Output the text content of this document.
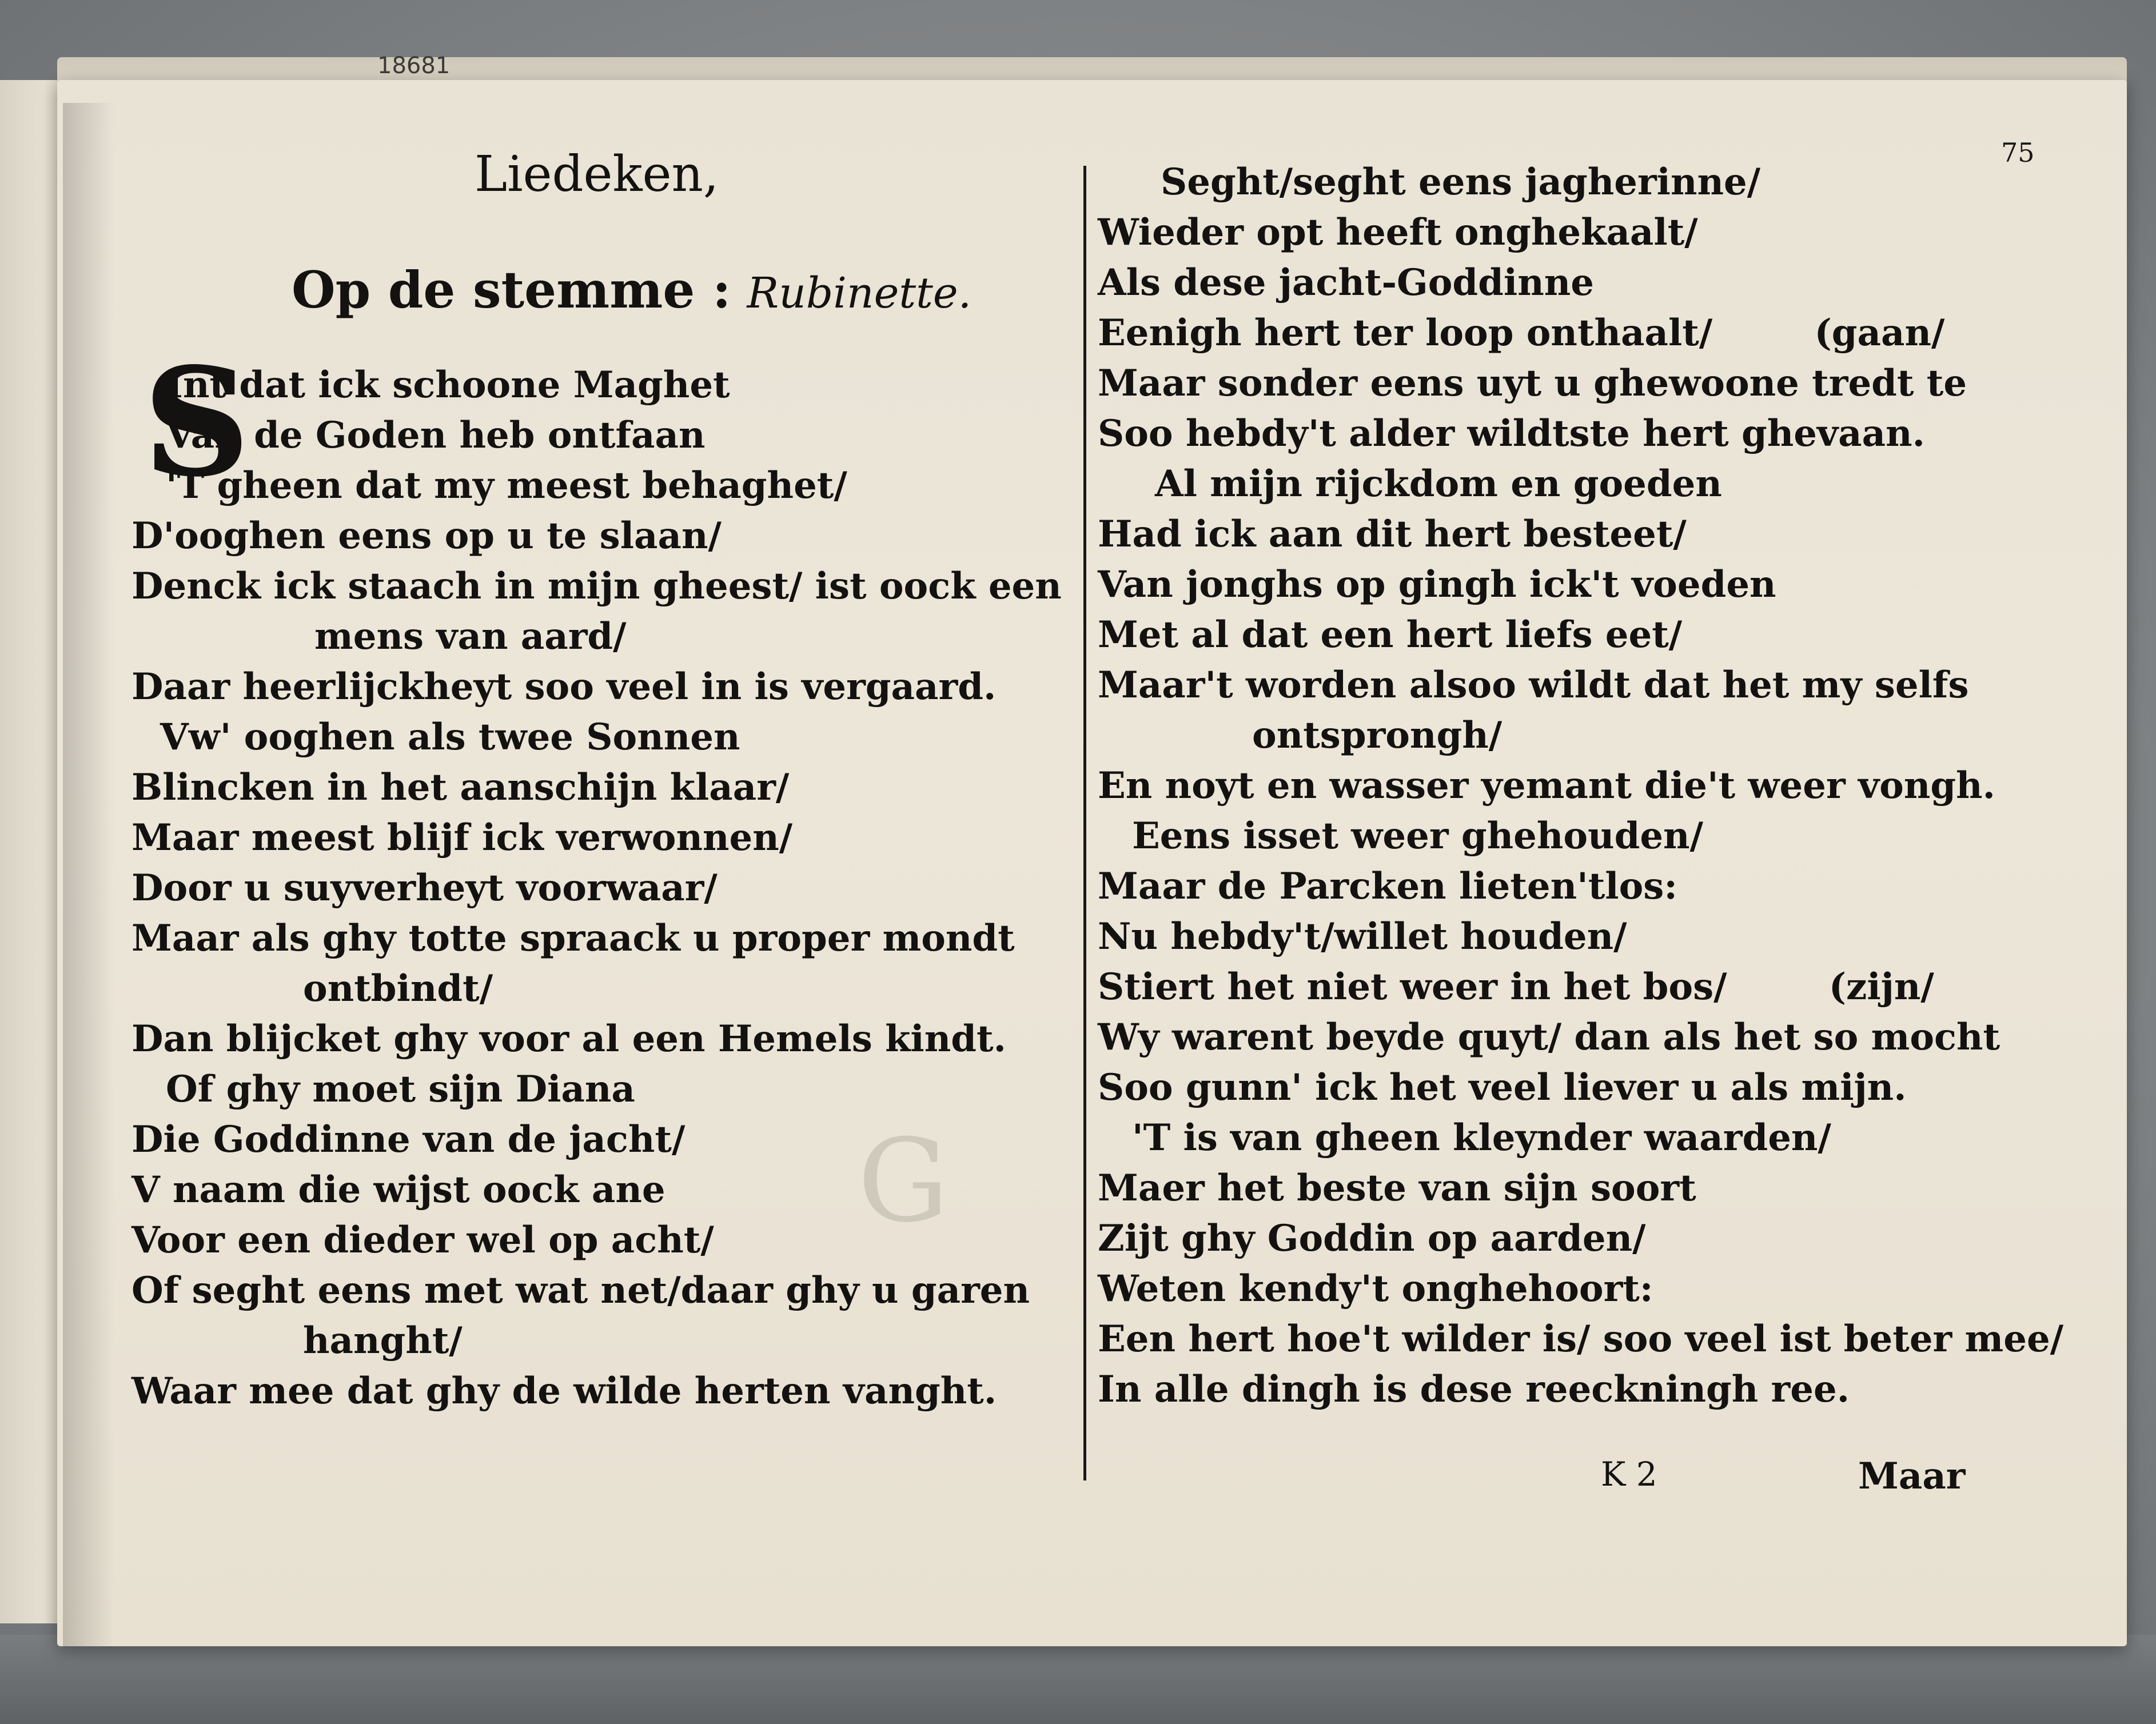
G
18681
75
Liedeken,
Op de stemme : Rubinette.
S
Int dat ick schoone Maghet
Van de Goden heb ontfaan
'T gheen dat my meest behaghet/
D'ooghen eens op u te slaan/
Denck ick staach in mijn gheest/ ist oock een
mens van aard/
Daar heerlijckheyt soo veel in is vergaard.
Vw' ooghen als twee Sonnen
Blincken in het aanschijn klaar/
Maar meest blijf ick verwonnen/
Door u suyverheyt voorwaar/
Maar als ghy totte spraack u proper mondt
ontbindt/
Dan blijcket ghy voor al een Hemels kindt.
Of ghy moet sijn Diana
Die Goddinne van de jacht/
V naam die wijst oock ane
Voor een dieder wel op acht/
Of seght eens met wat net/daar ghy u garen
hanght/
Waar mee dat ghy de wilde herten vanght.
Seght/seght eens jagherinne/
Wieder opt heeft onghekaalt/
Als dese jacht-Goddinne
Eenigh hert ter loop onthaalt/        (gaan/
Maar sonder eens uyt u ghewoone tredt te
Soo hebdy't alder wildtste hert ghevaan.
Al mijn rijckdom en goeden
Had ick aan dit hert besteet/
Van jonghs op gingh ick't voeden
Met al dat een hert liefs eet/
Maar't worden alsoo wildt dat het my selfs
ontsprongh/
En noyt en wasser yemant die't weer vongh.
Eens isset weer ghehouden/
Maar de Parcken lieten'tlos:
Nu hebdy't/willet houden/
Stiert het niet weer in het bos/        (zijn/
Wy warent beyde quyt/ dan als het so mocht
Soo gunn' ick het veel liever u als mijn.
'T is van gheen kleynder waarden/
Maer het beste van sijn soort
Zijt ghy Goddin op aarden/
Weten kendy't onghehoort:
Een hert hoe't wilder is/ soo veel ist beter mee/
In alle dingh is dese reeckningh ree.
K 2	Maar
